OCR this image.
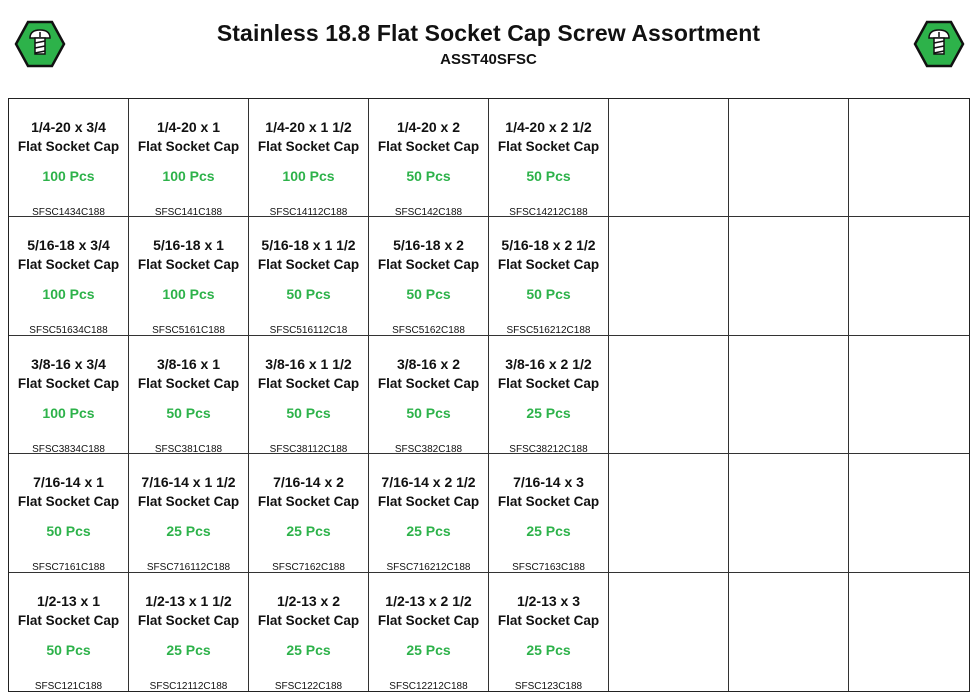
Stainless 18.8 Flat Socket Cap Screw Assortment
ASST40SFSC
1/4-20 x 3/4
Flat Socket Cap
100 Pcs
SFSC1434C188
1/4-20 x 1
Flat Socket Cap
100 Pcs
SFSC141C188
1/4-20 x 1 1/2
Flat Socket Cap
100 Pcs
SFSC14112C188
1/4-20 x 2
Flat Socket Cap
50 Pcs
SFSC142C188
1/4-20 x 2 1/2
Flat Socket Cap
50 Pcs
SFSC14212C188
5/16-18 x 3/4
Flat Socket Cap
100 Pcs
SFSC51634C188
5/16-18 x 1
Flat Socket Cap
100 Pcs
SFSC5161C188
5/16-18 x 1 1/2
Flat Socket Cap
50 Pcs
SFSC516112C18
5/16-18 x 2
Flat Socket Cap
50 Pcs
SFSC5162C188
5/16-18 x 2 1/2
Flat Socket Cap
50 Pcs
SFSC516212C188
3/8-16 x 3/4
Flat Socket Cap
100 Pcs
SFSC3834C188
3/8-16 x 1
Flat Socket Cap
50 Pcs
SFSC381C188
3/8-16 x 1 1/2
Flat Socket Cap
50 Pcs
SFSC38112C188
3/8-16 x 2
Flat Socket Cap
50 Pcs
SFSC382C188
3/8-16 x 2 1/2
Flat Socket Cap
25 Pcs
SFSC38212C188
7/16-14 x 1
Flat Socket Cap
50 Pcs
SFSC7161C188
7/16-14 x 1 1/2
Flat Socket Cap
25 Pcs
SFSC716112C188
7/16-14 x 2
Flat Socket Cap
25 Pcs
SFSC7162C188
7/16-14 x 2 1/2
Flat Socket Cap
25 Pcs
SFSC716212C188
7/16-14 x 3
Flat Socket Cap
25 Pcs
SFSC7163C188
1/2-13 x 1
Flat Socket Cap
50 Pcs
SFSC121C188
1/2-13 x 1 1/2
Flat Socket Cap
25 Pcs
SFSC12112C188
1/2-13 x 2
Flat Socket Cap
25 Pcs
SFSC122C188
1/2-13 x 2 1/2
Flat Socket Cap
25 Pcs
SFSC12212C188
1/2-13 x 3
Flat Socket Cap
25 Pcs
SFSC123C188
